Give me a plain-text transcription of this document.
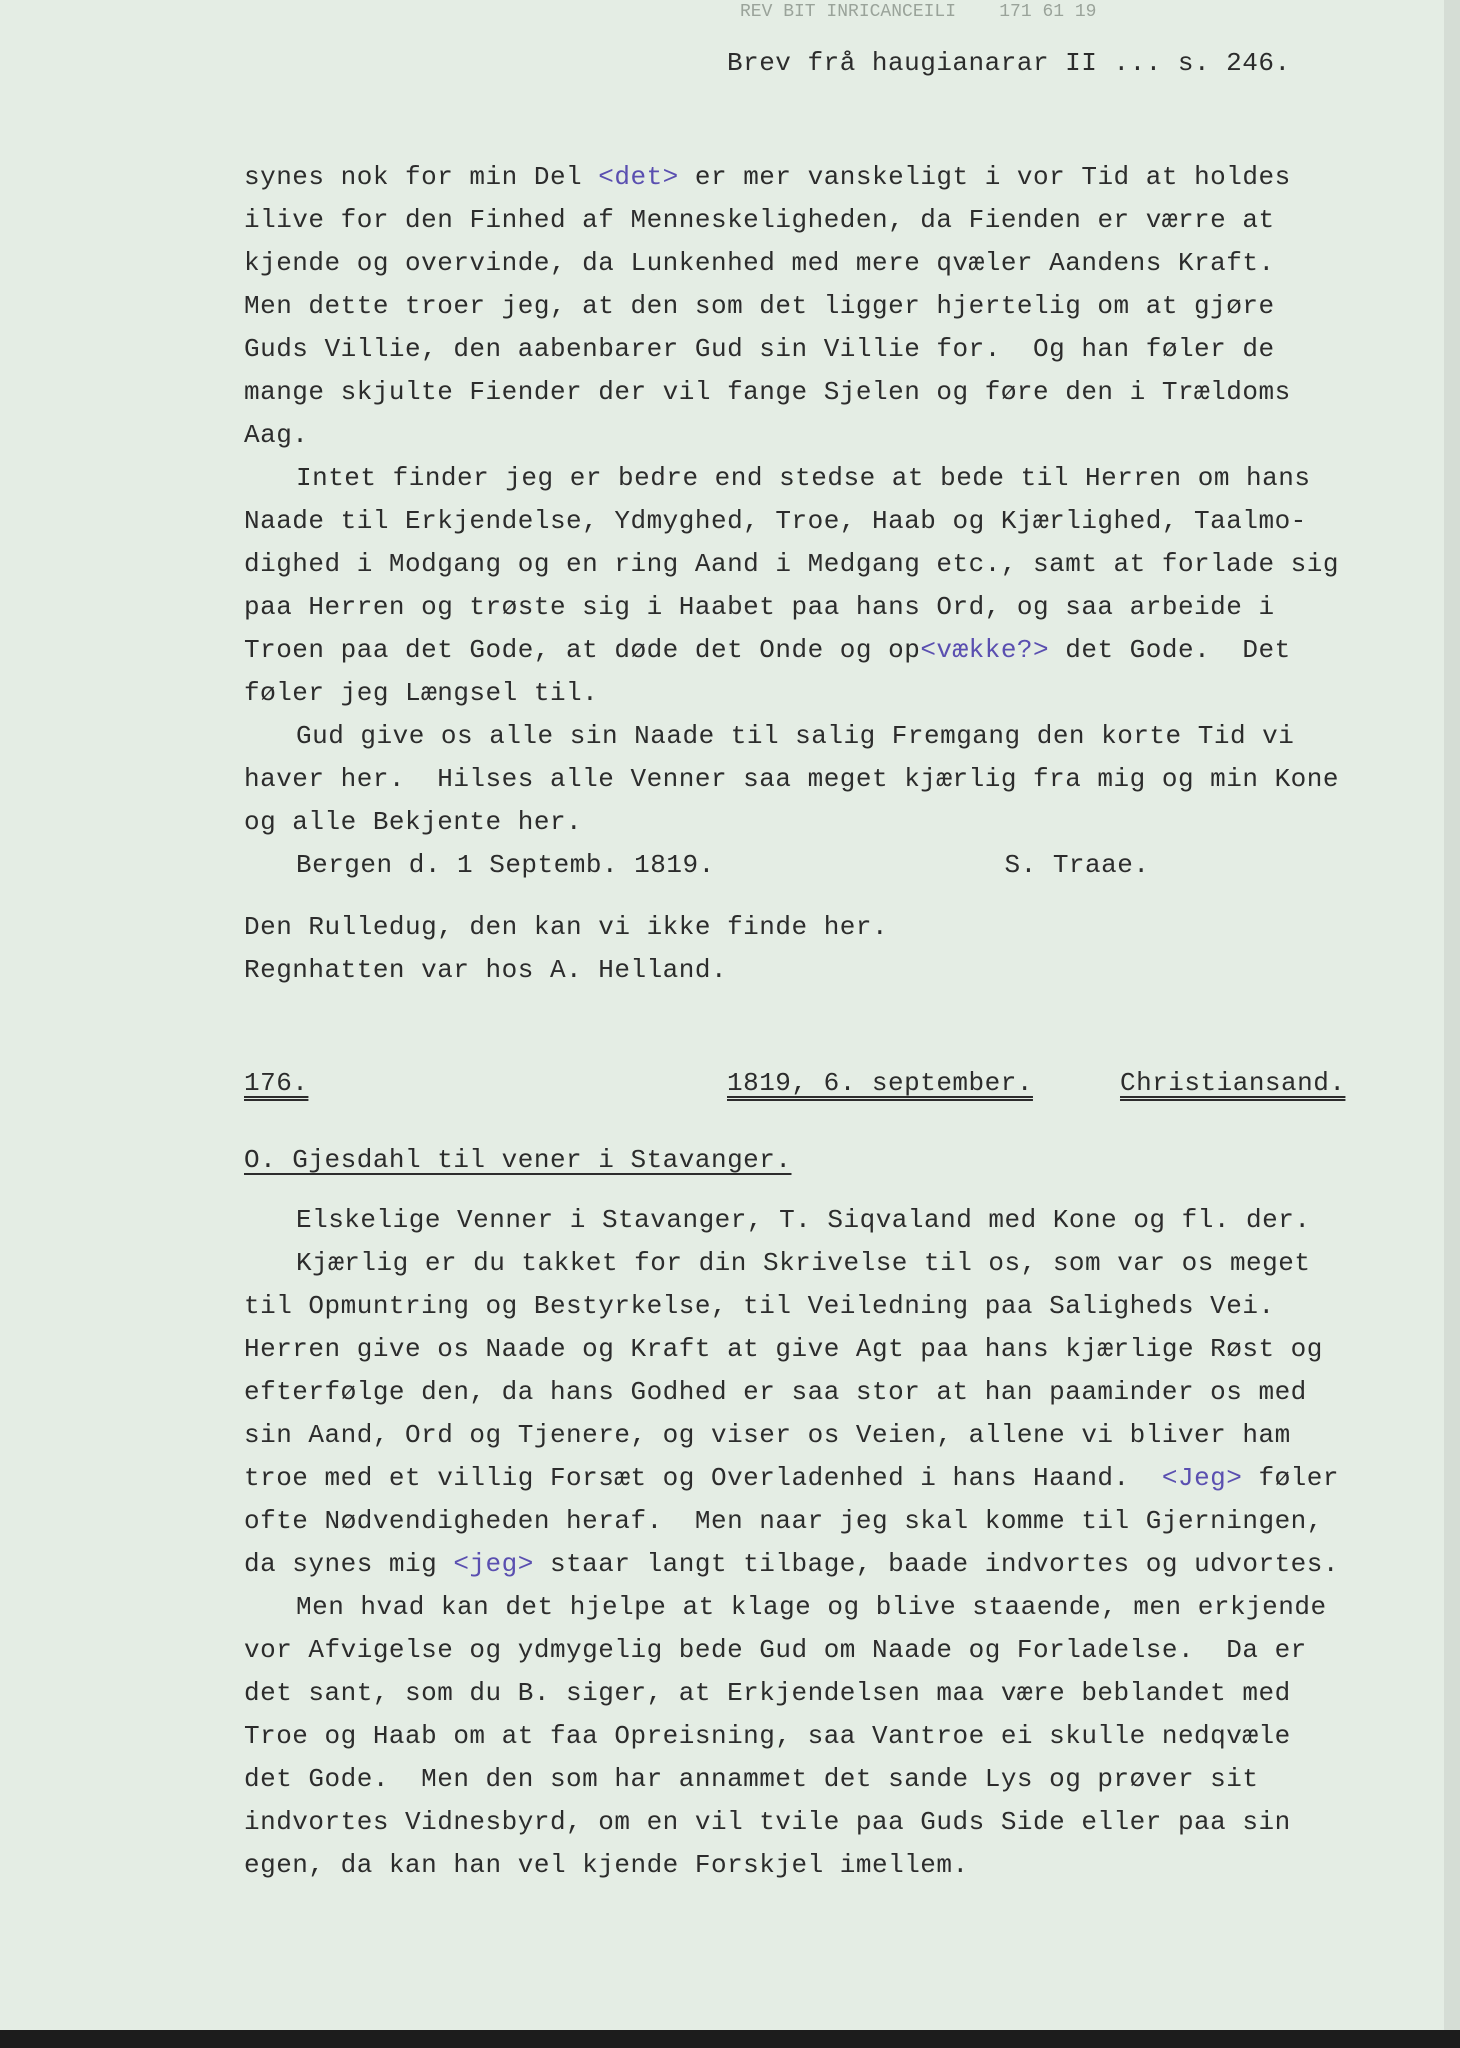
REV BIT INRICANCEILI    171 61 19

Brev frå haugianarar II ... s. 246.

synes nok for min Del <det> er mer vanskeligt i vor Tid at holdes

ilive for den Finhed af Menneskeligheden, da Fienden er værre at

kjende og overvinde, da Lunkenhed med mere qvæler Aandens Kraft.

Men dette troer jeg, at den som det ligger hjertelig om at gjøre

Guds Villie, den aabenbarer Gud sin Villie for.  Og han føler de

mange skjulte Fiender der vil fange Sjelen og føre den i Trældoms

Aag.

Intet finder jeg er bedre end stedse at bede til Herren om hans

Naade til Erkjendelse, Ydmyghed, Troe, Haab og Kjærlighed, Taalmo-

dighed i Modgang og en ring Aand i Medgang etc., samt at forlade sig

paa Herren og trøste sig i Haabet paa hans Ord, og saa arbeide i

Troen paa det Gode, at døde det Onde og op<vække?> det Gode.  Det

føler jeg Længsel til.

Gud give os alle sin Naade til salig Fremgang den korte Tid vi

haver her.  Hilses alle Venner saa meget kjærlig fra mig og min Kone

og alle Bekjente her.

Bergen d. 1 Septemb. 1819.                  S. Traae.

Den Rulledug, den kan vi ikke finde her.

Regnhatten var hos A. Helland.

176.	1819, 6. september.	Christiansand.

O. Gjesdahl til vener i Stavanger.

Elskelige Venner i Stavanger, T. Siqvaland med Kone og fl. der.

Kjærlig er du takket for din Skrivelse til os, som var os meget

til Opmuntring og Bestyrkelse, til Veiledning paa Saligheds Vei.

Herren give os Naade og Kraft at give Agt paa hans kjærlige Røst og

efterfølge den, da hans Godhed er saa stor at han paaminder os med

sin Aand, Ord og Tjenere, og viser os Veien, allene vi bliver ham

troe med et villig Forsæt og Overladenhed i hans Haand.  <Jeg> føler

ofte Nødvendigheden heraf.  Men naar jeg skal komme til Gjerningen,

da synes mig <jeg> staar langt tilbage, baade indvortes og udvortes.

Men hvad kan det hjelpe at klage og blive staaende, men erkjende

vor Afvigelse og ydmygelig bede Gud om Naade og Forladelse.  Da er

det sant, som du B. siger, at Erkjendelsen maa være beblandet med

Troe og Haab om at faa Opreisning, saa Vantroe ei skulle nedqvæle

det Gode.  Men den som har annammet det sande Lys og prøver sit

indvortes Vidnesbyrd, om en vil tvile paa Guds Side eller paa sin

egen, da kan han vel kjende Forskjel imellem.
